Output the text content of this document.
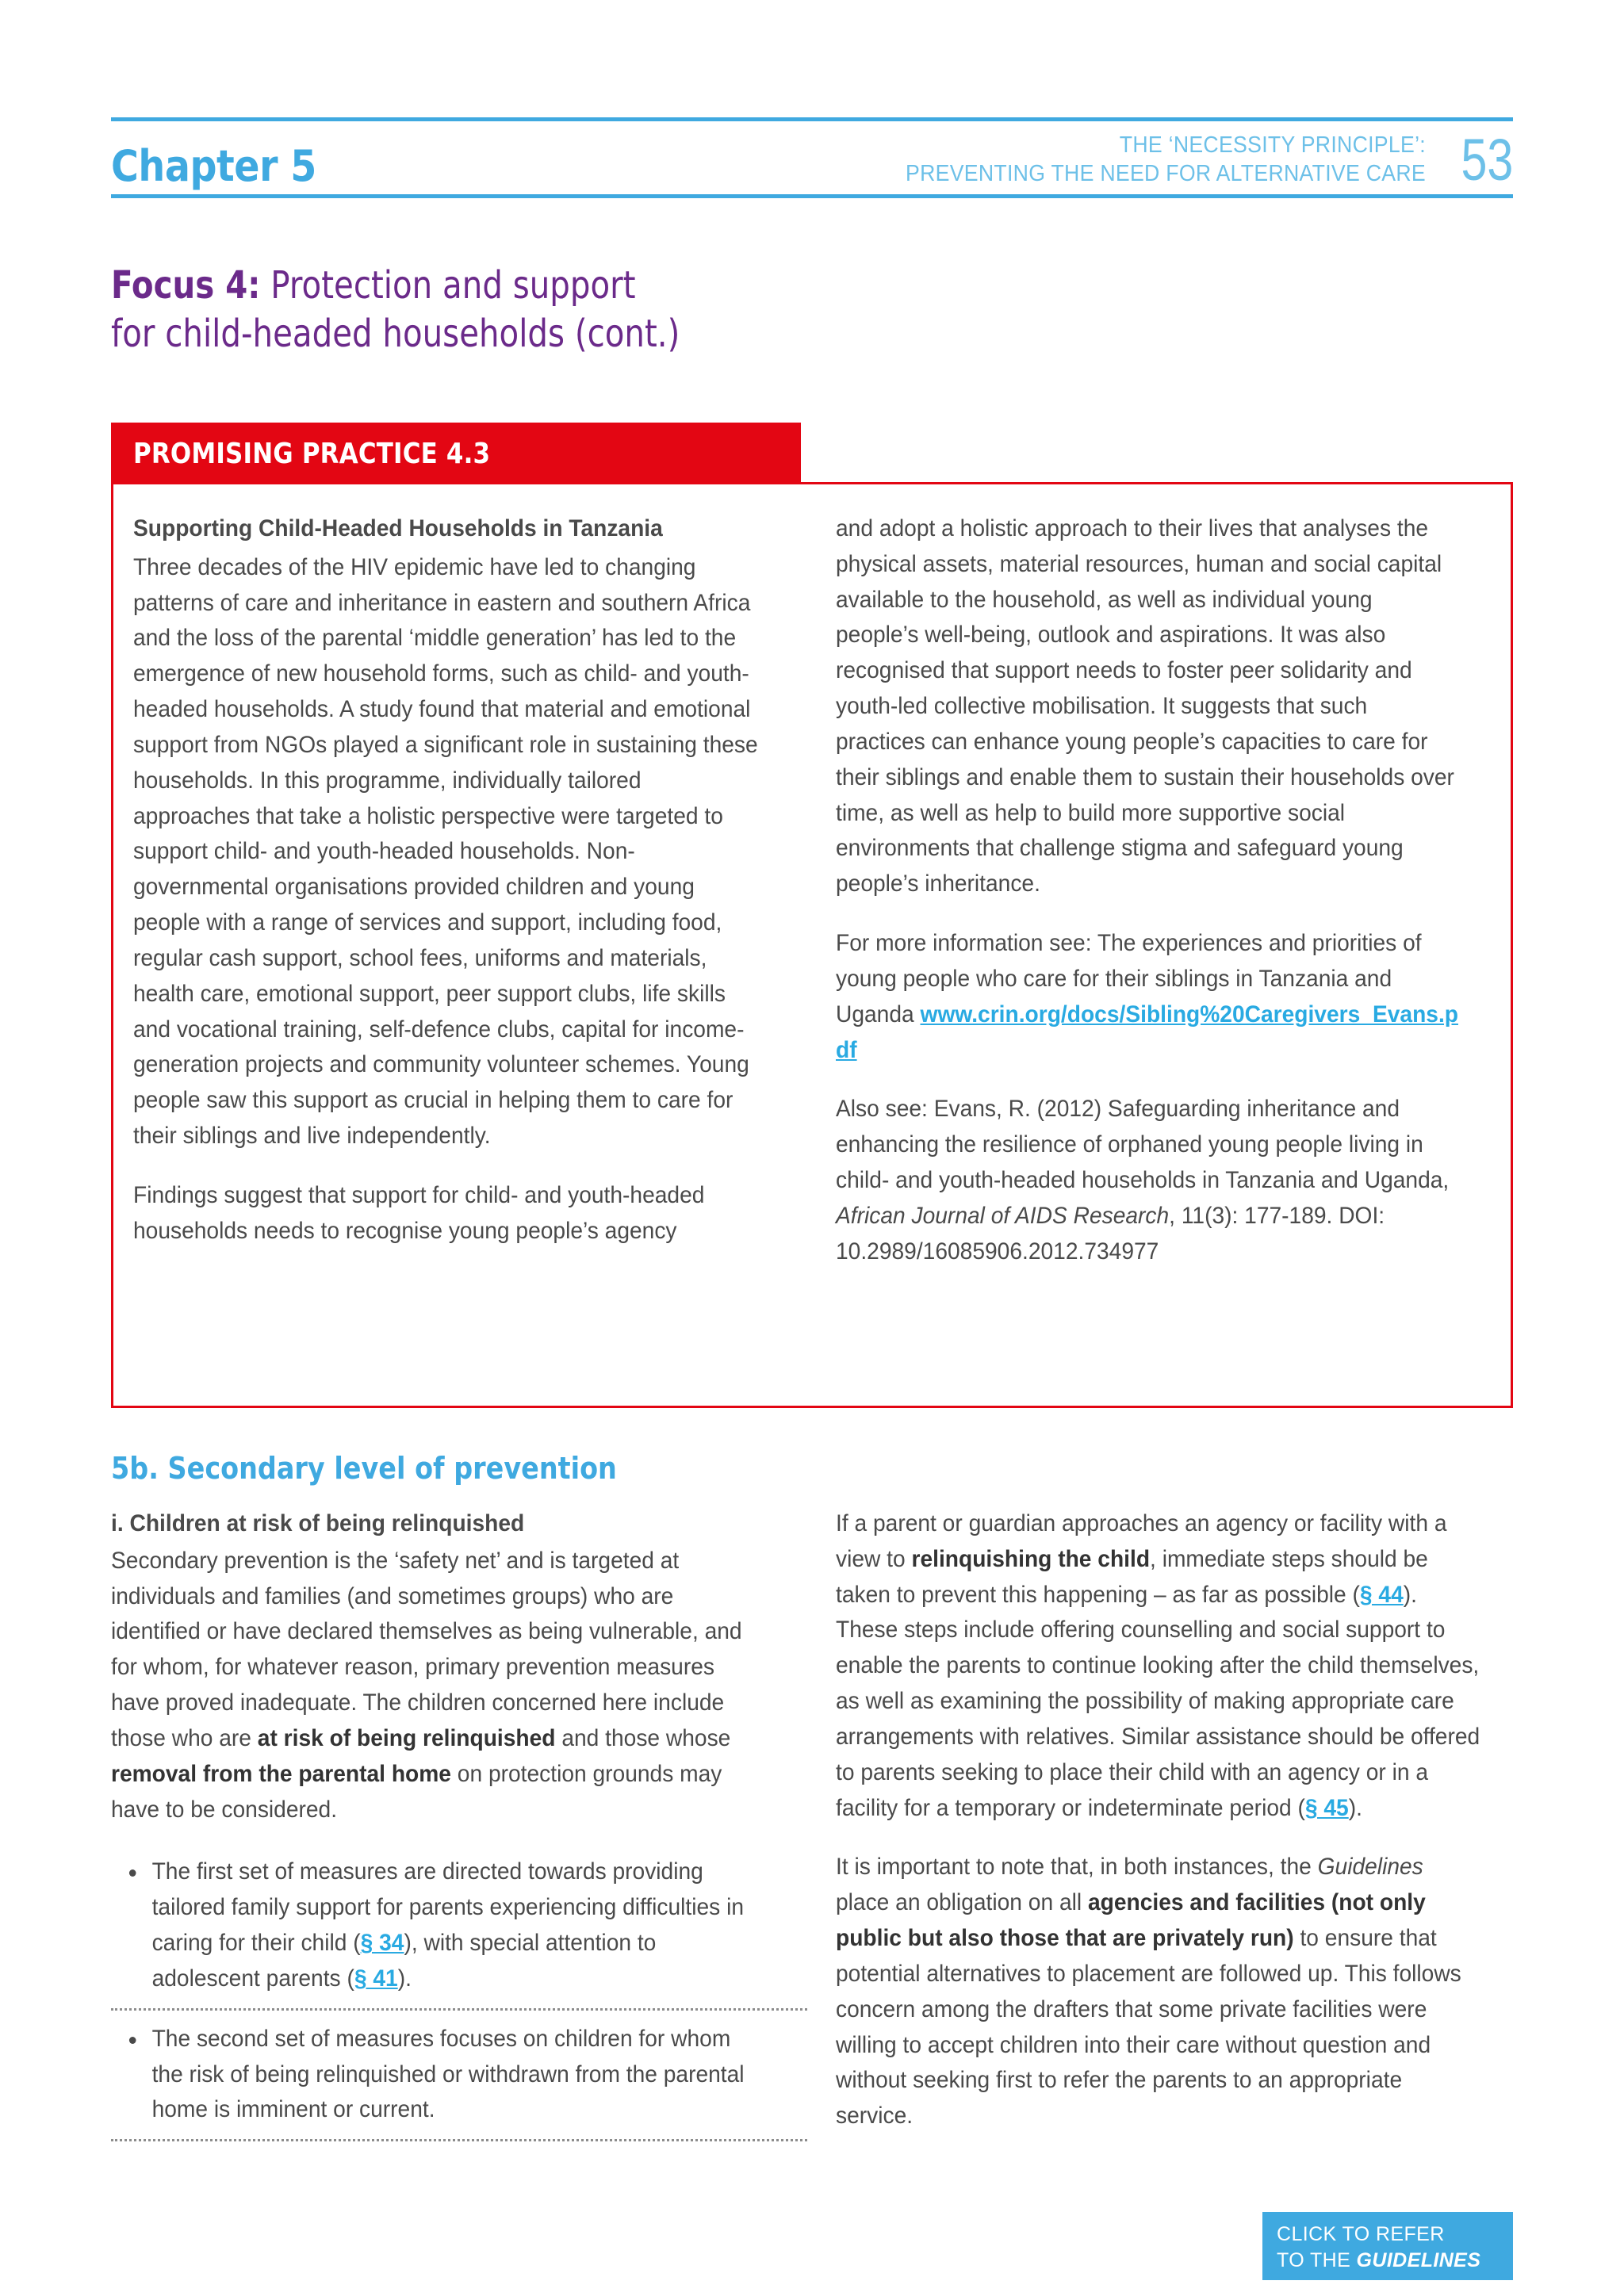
Chapter 5	THE ‘NECESSITY PRINCIPLE’:
PREVENTING THE NEED FOR ALTERNATIVE CARE 53
Focus 4: Protection and support
for child-headed households (cont.)
PROMISING PRACTICE 4.3

Supporting Child-Headed Households in Tanzania

Three decades of the HIV epidemic have led to changing patterns of care and inheritance in eastern and southern Africa and the loss of the parental ‘middle generation’ has led to the emergence of new household forms, such as child- and youth-headed households. A study found that material and emotional support from NGOs played a significant role in sustaining these households. In this programme, individually tailored approaches that take a holistic perspective were targeted to support child- and youth-headed households. Non-governmental organisations provided children and young people with a range of services and support, including food, regular cash support, school fees, uniforms and materials, health care, emotional support, peer support clubs, life skills and vocational training, self-defence clubs, capital for income-generation projects and community volunteer schemes. Young people saw this support as crucial in helping them to care for their siblings and live independently.

Findings suggest that support for child- and youth-headed households needs to recognise young people’s agency

and adopt a holistic approach to their lives that analyses the physical assets, material resources, human and social capital available to the household, as well as individual young people’s well-being, outlook and aspirations. It was also recognised that support needs to foster peer solidarity and youth-led collective mobilisation. It suggests that such practices can enhance young people’s capacities to care for their siblings and enable them to sustain their households over time, as well as help to build more supportive social environments that challenge stigma and safeguard young people’s inheritance.

For more information see: The experiences and priorities of young people who care for their siblings in Tanzania and Uganda www.crin.org/docs/Sibling%20Caregivers_Evans.pdf

Also see: Evans, R. (2012) Safeguarding inheritance and enhancing the resilience of orphaned young people living in child- and youth-headed households in Tanzania and Uganda, African Journal of AIDS Research, 11(3): 177-189. DOI: 10.2989/16085906.2012.734977

5b. Secondary level of prevention

i. Children at risk of being relinquished

Secondary prevention is the ‘safety net’ and is targeted at individuals and families (and sometimes groups) who are identified or have declared themselves as being vulnerable, and for whom, for whatever reason, primary prevention measures have proved inadequate. The children concerned here include those who are at risk of being relinquished and those whose removal from the parental home on protection grounds may have to be considered.

The first set of measures are directed towards providing tailored family support for parents experiencing difficulties in caring for their child (§ 34), with special attention to adolescent parents (§ 41).
The second set of measures focuses on children for whom the risk of being relinquished or withdrawn from the parental home is imminent or current.

If a parent or guardian approaches an agency or facility with a view to relinquishing the child, immediate steps should be taken to prevent this happening – as far as possible (§ 44). These steps include offering counselling and social support to enable the parents to continue looking after the child themselves, as well as examining the possibility of making appropriate care arrangements with relatives. Similar assistance should be offered to parents seeking to place their child with an agency or in a facility for a temporary or indeterminate period (§ 45).

It is important to note that, in both instances, the Guidelines place an obligation on all agencies and facilities (not only public but also those that are privately run) to ensure that potential alternatives to placement are followed up. This follows concern among the drafters that some private facilities were willing to accept children into their care without question and without seeking first to refer the parents to an appropriate service.

CLICK TO REFER
TO THE GUIDELINES
